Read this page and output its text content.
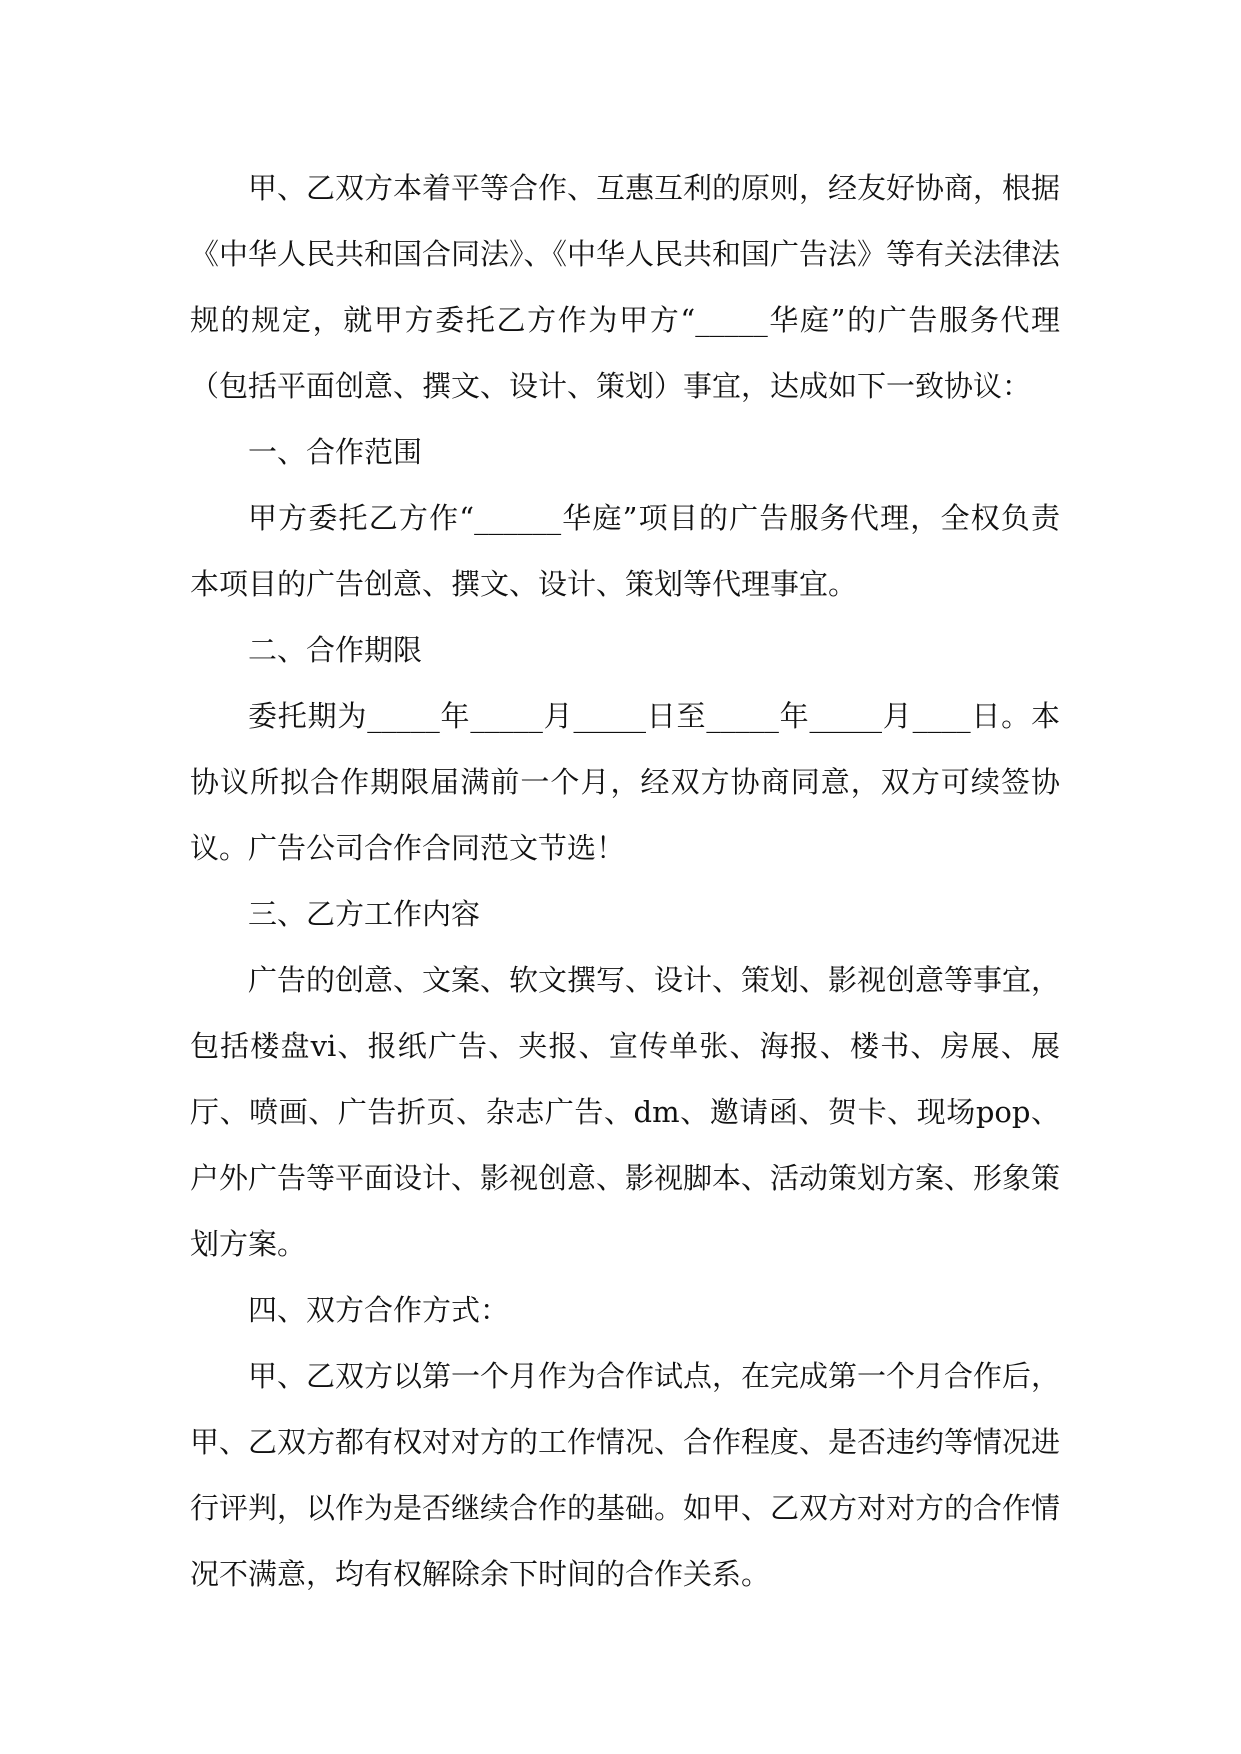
甲、乙双方本着平等合作、互惠互利的原则，经友好协商，根据《中华人民共和国合同法》、《中华人民共和国广告法》等有关法律法规的规定，就甲方委托乙方作为甲方“_____华庭”的广告服务代理（包括平面创意、撰文、设计、策划）事宜，达成如下一致协议：

一、合作范围

甲方委托乙方作“______华庭”项目的广告服务代理，全权负责本项目的广告创意、撰文、设计、策划等代理事宜。

二、合作期限

委托期为_____年_____月_____日至_____年_____月____日。本协议所拟合作期限届满前一个月，经双方协商同意，双方可续签协议。广告公司合作合同范文节选！

三、乙方工作内容

广告的创意、文案、软文撰写、设计、策划、影视创意等事宜，包括楼盘vi、报纸广告、夹报、宣传单张、海报、楼书、房展、展厅、喷画、广告折页、杂志广告、dm、邀请函、贺卡、现场pop、户外广告等平面设计、影视创意、影视脚本、活动策划方案、形象策划方案。

四、双方合作方式：

甲、乙双方以第一个月作为合作试点，在完成第一个月合作后，甲、乙双方都有权对对方的工作情况、合作程度、是否违约等情况进行评判，以作为是否继续合作的基础。如甲、乙双方对对方的合作情况不满意，均有权解除余下时间的合作关系。
